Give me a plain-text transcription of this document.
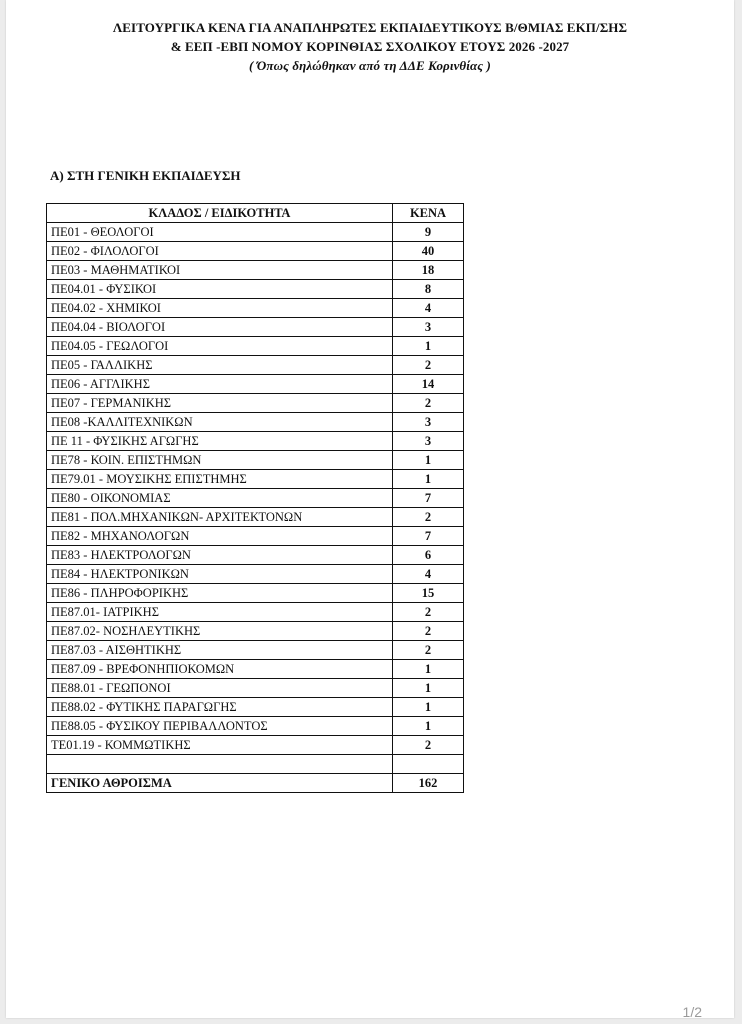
ΛΕΙΤΟΥΡΓΙΚΑ ΚΕΝΑ ΓΙΑ ΑΝΑΠΛΗΡΩΤΕΣ ΕΚΠΑΙΔΕΥΤΙΚΟΥΣ Β/ΘΜΙΑΣ ΕΚΠ/ΣΗΣ
& ΕΕΠ -ΕΒΠ ΝΟΜΟΥ ΚΟΡΙΝΘΙΑΣ ΣΧΟΛΙΚΟΥ ΕΤΟΥΣ 2026 -2027
( Όπως δηλώθηκαν από τη ΔΔΕ Κορινθίας )
Α) ΣΤΗ ΓΕΝΙΚΗ ΕΚΠΑΙΔΕΥΣΗ
ΚΛΑΔΟΣ / ΕΙΔΙΚΟΤΗΤΑ	ΚΕΝΑ
ΠΕ01 - ΘΕΟΛΟΓΟΙ	9
ΠΕ02 - ΦΙΛΟΛΟΓΟΙ	40
ΠΕ03 - ΜΑΘΗΜΑΤΙΚΟΙ	18
ΠΕ04.01 - ΦΥΣΙΚΟΙ	8
ΠΕ04.02 - ΧΗΜΙΚΟΙ	4
ΠΕ04.04 - ΒΙΟΛΟΓΟΙ	3
ΠΕ04.05 - ΓΕΩΛΟΓΟΙ	1
ΠΕ05 - ΓΑΛΛΙΚΗΣ	2
ΠΕ06 - ΑΓΓΛΙΚΗΣ	14
ΠΕ07 - ΓΕΡΜΑΝΙΚΗΣ	2
ΠΕ08 -ΚΑΛΛΙΤΕΧΝΙΚΩΝ	3
ΠΕ 11 - ΦΥΣΙΚΗΣ ΑΓΩΓΗΣ	3
ΠΕ78 - ΚΟΙΝ. ΕΠΙΣΤΗΜΩΝ	1
ΠΕ79.01 - ΜΟΥΣΙΚΗΣ ΕΠΙΣΤΗΜΗΣ	1
ΠΕ80 - ΟΙΚΟΝΟΜΙΑΣ	7
ΠΕ81 - ΠΟΛ.ΜΗΧΑΝΙΚΩΝ- ΑΡΧΙΤΕΚΤΟΝΩΝ	2
ΠΕ82 - ΜΗΧΑΝΟΛΟΓΩΝ	7
ΠΕ83 - ΗΛΕΚΤΡΟΛΟΓΩΝ	6
ΠΕ84 - ΗΛΕΚΤΡΟΝΙΚΩΝ	4
ΠΕ86 - ΠΛΗΡΟΦΟΡΙΚΗΣ	15
ΠΕ87.01- ΙΑΤΡΙΚΗΣ	2
ΠΕ87.02- ΝΟΣΗΛΕΥΤΙΚΗΣ	2
ΠΕ87.03 - ΑΙΣΘΗΤΙΚΗΣ	2
ΠΕ87.09 - ΒΡΕΦΟΝΗΠΙΟΚΟΜΩΝ	1
ΠΕ88.01 - ΓΕΩΠΟΝΟΙ	1
ΠΕ88.02 - ΦΥΤΙΚΗΣ ΠΑΡΑΓΩΓΗΣ	1
ΠΕ88.05 - ΦΥΣΙΚΟΥ ΠΕΡΙΒΑΛΛΟΝΤΟΣ	1
ΤΕ01.19 - ΚΟΜΜΩΤΙΚΗΣ	2

ΓΕΝΙΚΟ ΑΘΡΟΙΣΜΑ	162
1/2
